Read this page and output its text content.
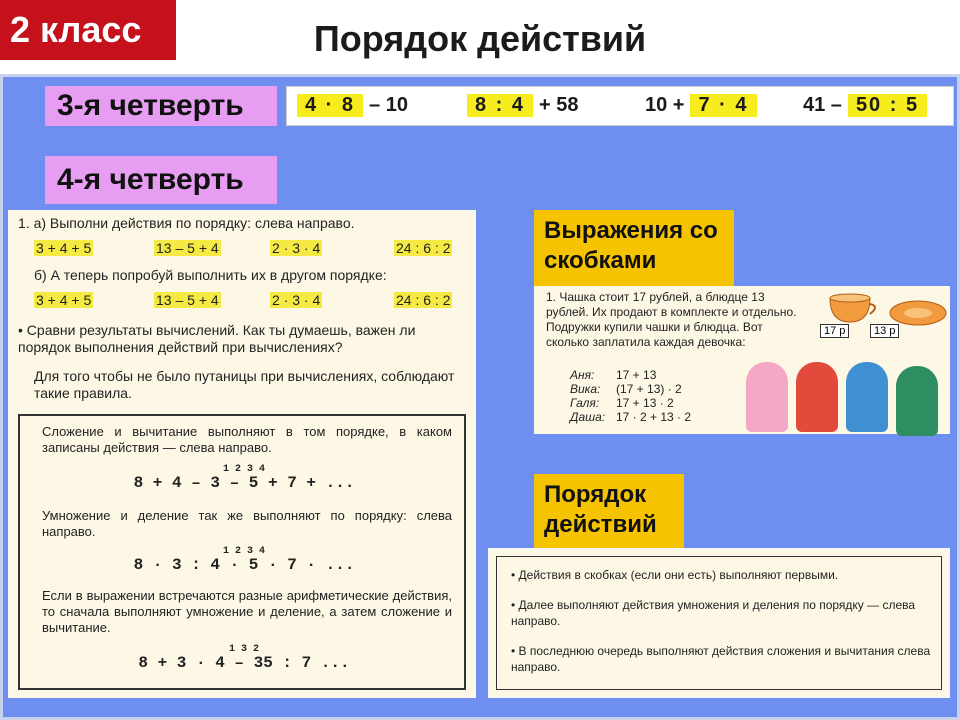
2 класс	Порядок действий
3-я четверть
4-я четверть
4 · 8 – 10	8 : 4 + 58	10 + 7 · 4	41 – 50 : 5
1. а) Выполни действия по порядку: слева направо.
3 + 4 + 5	13 – 5 + 4	2 · 3 · 4	24 : 6 : 2
б) А теперь попробуй выполнить их в другом порядке:
3 + 4 + 5	13 – 5 + 4	2 · 3 · 4	24 : 6 : 2
• Сравни результаты вычислений. Как ты думаешь, важен ли порядок выполнения действий при вычислениях?
Для того чтобы не было путаницы при вычислениях, соблюдают такие правила.

Сложение и вычитание выполняют в том порядке, в каком записаны действия — слева направо.

1 2 3 4
8 + 4 – 3 – 5 + 7 + ...

Умножение и деление так же выполняют по порядку: слева направо.

1 2 3 4
8 · 3 : 4 · 5 · 7 · ...

Если в выражении встречаются разные арифметические действия, то сначала выполняют умножение и деление, а затем сложение и вычитание.

1 3 2
8 + 3 · 4 – 35 : 7 ...
Выражения со скобками
Порядок действий
1. Чашка стоит 17 рублей, а блюдце 13 рублей. Их продают в комплекте и отдельно. Подружки купили чашки и блюдца. Вот сколько заплатила каждая девочка:
Аня: 17 + 13
Вика: (17 + 13) · 2
Галя: 17 + 13 · 2
Даша: 17 · 2 + 13 · 2
17 р	13 р
• Действия в скобках (если они есть) выполняют первыми.
• Далее выполняют действия умножения и деления по порядку — слева направо.
• В последнюю очередь выполняют действия сложения и вычитания слева направо.
